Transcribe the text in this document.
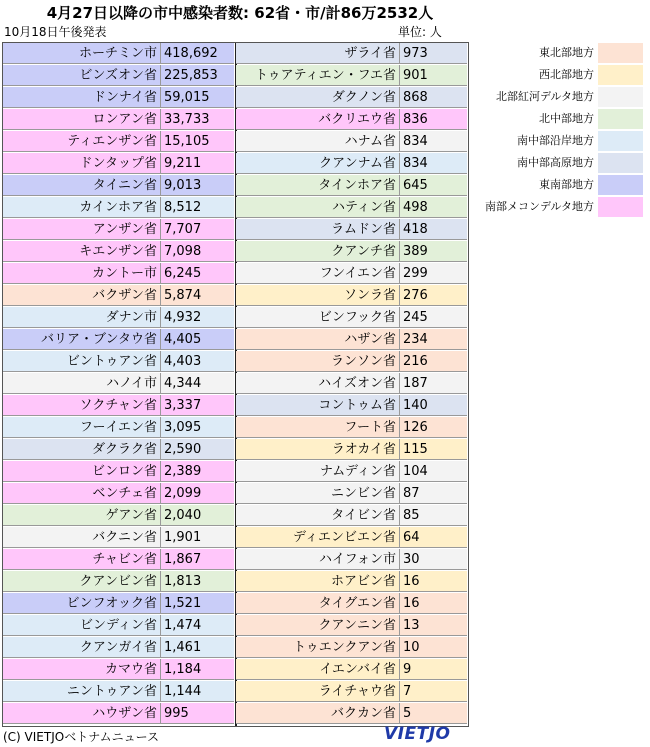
4月27日以降の市中感染者数: 62省・市/計86万2532人
10月18日午後発表	単位: 人
ホーチミン市 418,692
ビンズオン省 225,853
ドンナイ省 59,015
ロンアン省 33,733
ティエンザン省 15,105
ドンタップ省 9,211
タイニン省 9,013
カインホア省 8,512
アンザン省 7,707
キエンザン省 7,098
カントー市 6,245
バクザン省 5,874
ダナン市 4,932
バリア・ブンタウ省 4,405
ビントゥアン省 4,403
ハノイ市 4,344
ソクチャン省 3,337
フーイエン省 3,095
ダクラク省 2,590
ビンロン省 2,389
ベンチェ省 2,099
ゲアン省 2,040
バクニン省 1,901
チャビン省 1,867
クアンビン省 1,813
ビンフオック省 1,521
ビンディン省 1,474
クアンガイ省 1,461
カマウ省 1,184
ニントゥアン省 1,144
ハウザン省 995
ザライ省 973
トゥアティエン・フエ省 901
ダクノン省 868
バクリエウ省 836
ハナム省 834
クアンナム省 834
タインホア省 645
ハティン省 498
ラムドン省 418
クアンチ省 389
フンイエン省 299
ソンラ省 276
ビンフック省 245
ハザン省 234
ランソン省 216
ハイズオン省 187
コントゥム省 140
フート省 126
ラオカイ省 115
ナムディン省 104
ニンビン省 87
タイビン省 85
ディエンビエン省 64
ハイフォン市 30
ホアビン省 16
タイグエン省 16
クアンニン省 13
トゥエンクアン省 10
イエンバイ省 9
ライチャウ省 7
バクカン省 5
東北部地方
西北部地方
北部紅河デルタ地方
北中部地方
南中部沿岸地方
南中部高原地方
東南部地方
南部メコンデルタ地方
(C) VIETJOベトナムニュース	VIETJO
